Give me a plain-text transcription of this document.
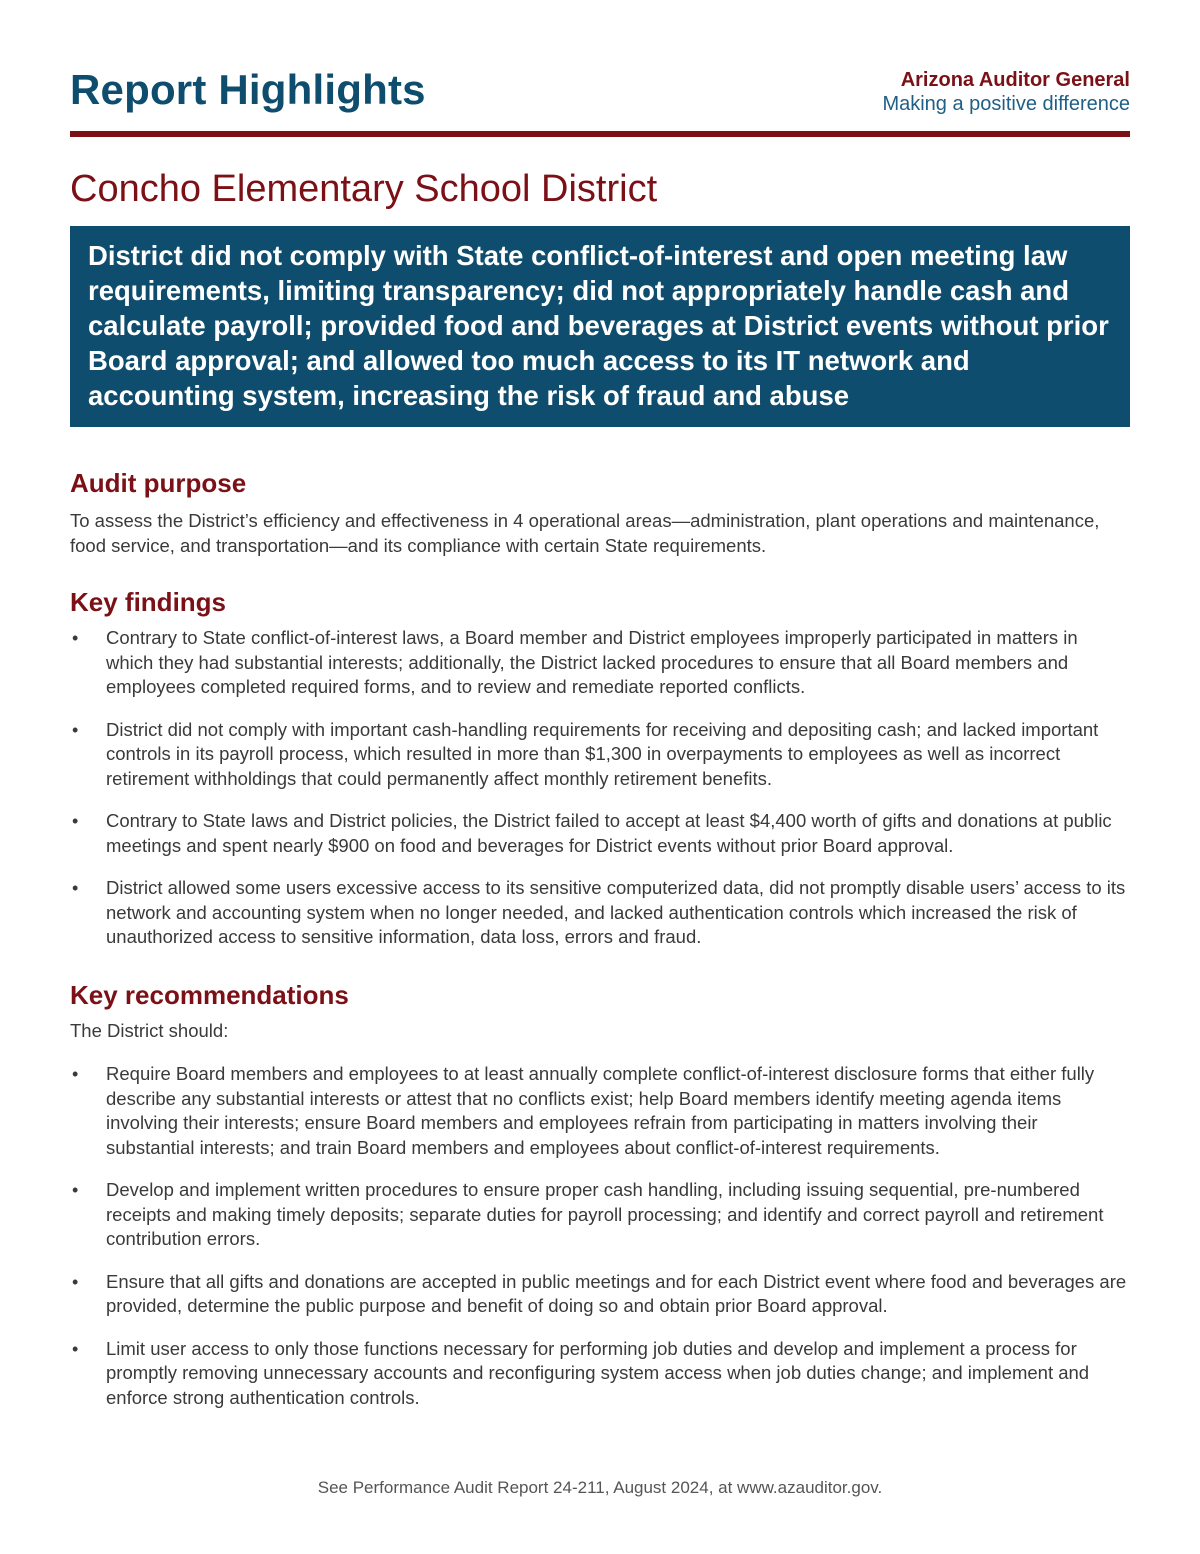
Report Highlights	Arizona Auditor General
Making a positive difference
Concho Elementary School District
District did not comply with State conflict-of-interest and open meeting law requirements, limiting transparency; did not appropriately handle cash and calculate payroll; provided food and beverages at District events without prior Board approval; and allowed too much access to its IT network and accounting system, increasing the risk of fraud and abuse
Audit purpose

To assess the District’s efficiency and effectiveness in 4 operational areas—administration, plant operations and maintenance, food service, and transportation—and its compliance with certain State requirements.

Key findings
• Contrary to State conflict-of-interest laws, a Board member and District employees improperly participated in matters in which they had substantial interests; additionally, the District lacked procedures to ensure that all Board members and employees completed required forms, and to review and remediate reported conflicts.
• District did not comply with important cash-handling requirements for receiving and depositing cash; and lacked important controls in its payroll process, which resulted in more than $1,300 in overpayments to employees as well as incorrect retirement withholdings that could permanently affect monthly retirement benefits.
• Contrary to State laws and District policies, the District failed to accept at least $4,400 worth of gifts and donations at public meetings and spent nearly $900 on food and beverages for District events without prior Board approval.
• District allowed some users excessive access to its sensitive computerized data, did not promptly disable users’ access to its network and accounting system when no longer needed, and lacked authentication controls which increased the risk of unauthorized access to sensitive information, data loss, errors and fraud.
Key recommendations

The District should:

• Require Board members and employees to at least annually complete conflict-of-interest disclosure forms that either fully describe any substantial interests or attest that no conflicts exist; help Board members identify meeting agenda items involving their interests; ensure Board members and employees refrain from participating in matters involving their substantial interests; and train Board members and employees about conflict-of-interest requirements.
• Develop and implement written procedures to ensure proper cash handling, including issuing sequential, pre-numbered receipts and making timely deposits; separate duties for payroll processing; and identify and correct payroll and retirement contribution errors.
• Ensure that all gifts and donations are accepted in public meetings and for each District event where food and beverages are provided, determine the public purpose and benefit of doing so and obtain prior Board approval.
• Limit user access to only those functions necessary for performing job duties and develop and implement a process for promptly removing unnecessary accounts and reconfiguring system access when job duties change; and implement and enforce strong authentication controls.
See Performance Audit Report 24-211, August 2024, at www.azauditor.gov.
